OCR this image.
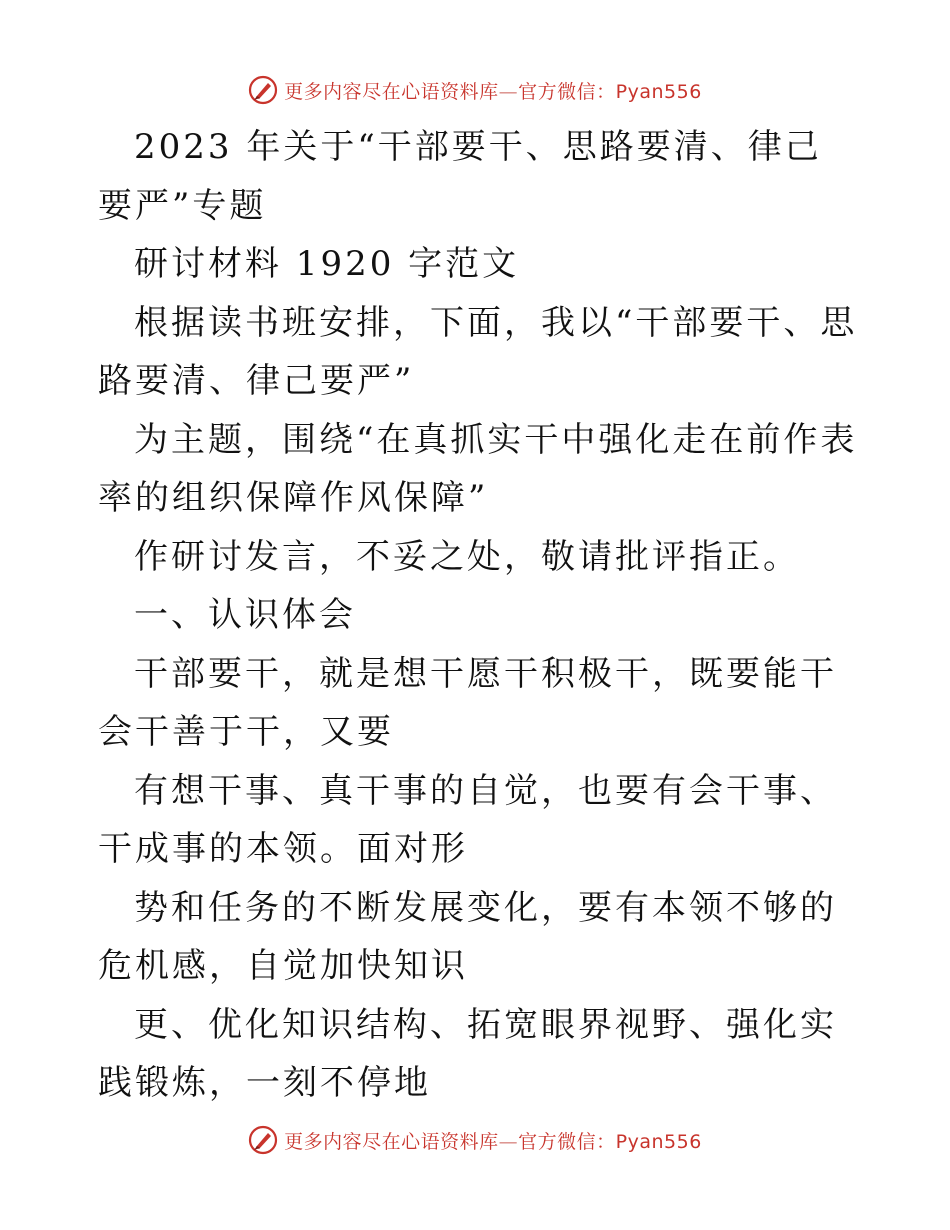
更多内容尽在心语资料库—官方微信：Pyan556

2023 年关于“干部要干、思路要清、律己要严”专题

研讨材料 1920 字范文

根据读书班安排，下面，我以“干部要干、思路要清、律己要严”

为主题，围绕“在真抓实干中强化走在前作表率的组织保障作风保障”

作研讨发言，不妥之处，敬请批评指正。

一、认识体会

干部要干，就是想干愿干积极干，既要能干会干善于干，又要

有想干事、真干事的自觉，也要有会干事、干成事的本领。面对形

势和任务的不断发展变化，要有本领不够的危机感，自觉加快知识

更、优化知识结构、拓宽眼界视野、强化实践锻炼，一刻不停地

更多内容尽在心语资料库—官方微信：Pyan556
